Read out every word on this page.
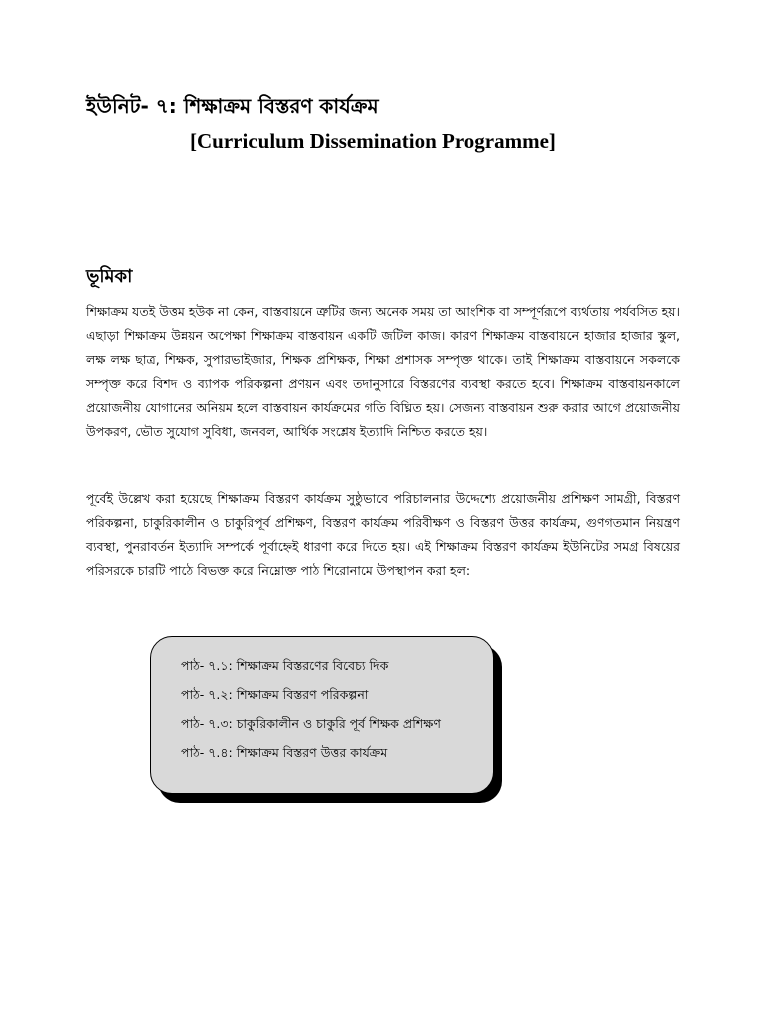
ইউনিট- ৭: শিক্ষাক্রম বিস্তরণ কার্যক্রম
[Curriculum Dissemination Programme]
ভূমিকা

শিক্ষাক্রম যতই উত্তম হউক না কেন, বাস্তবায়নে ত্রুটির জন্য অনেক সময় তা আংশিক বা সম্পূর্ণরূপে ব্যর্থতায় পর্যবসিত হয়। এছাড়া শিক্ষাক্রম উন্নয়ন অপেক্ষা শিক্ষাক্রম বাস্তবায়ন একটি জটিল কাজ। কারণ শিক্ষাক্রম বাস্তবায়নে হাজার হাজার স্কুল, লক্ষ লক্ষ ছাত্র, শিক্ষক, সুপারভাইজার, শিক্ষক প্রশিক্ষক, শিক্ষা প্রশাসক সম্পৃক্ত থাকে। তাই শিক্ষাক্রম বাস্তবায়নে সকলকে সম্পৃক্ত করে বিশদ ও ব্যাপক পরিকল্পনা প্রণয়ন এবং তদানুসারে বিস্তরণের ব্যবস্থা করতে হবে। শিক্ষাক্রম বাস্তবায়নকালে প্রয়োজনীয় যোগানের অনিয়ম হলে বাস্তবায়ন কার্যক্রমের গতি বিঘ্নিত হয়। সেজন্য বাস্তবায়ন শুরু করার আগে প্রয়োজনীয় উপকরণ, ভৌত সুযোগ সুবিধা, জনবল, আর্থিক সংশ্লেষ ইত্যাদি নিশ্চিত করতে হয়।

পূর্বেই উল্লেখ করা হয়েছে শিক্ষাক্রম বিস্তরণ কার্যক্রম সুষ্ঠুভাবে পরিচালনার উদ্দেশ্যে প্রয়োজনীয় প্রশিক্ষণ সামগ্রী, বিস্তরণ পরিকল্পনা, চাকুরিকালীন ও চাকুরিপূর্ব প্রশিক্ষণ, বিস্তরণ কার্যক্রম পরিবীক্ষণ ও বিস্তরণ উত্তর কার্যক্রম, গুণগতমান নিয়ন্ত্রণ ব্যবস্থা, পুনরাবর্তন ইত্যাদি সম্পর্কে পূর্বাহ্নেই ধারণা করে দিতে হয়। এই শিক্ষাক্রম বিস্তরণ কার্যক্রম ইউনিটের সমগ্র বিষয়ের পরিসরকে চারটি পাঠে বিভক্ত করে নিম্নোক্ত পাঠ শিরোনামে উপস্থাপন করা হল:

পাঠ- ৭.১: শিক্ষাক্রম বিস্তরণের বিবেচ্য দিক
পাঠ- ৭.২: শিক্ষাক্রম বিস্তরণ পরিকল্পনা
পাঠ- ৭.৩: চাকুরিকালীন ও চাকুরি পূর্ব শিক্ষক প্রশিক্ষণ
পাঠ- ৭.৪: শিক্ষাক্রম বিস্তরণ উত্তর কার্যক্রম
